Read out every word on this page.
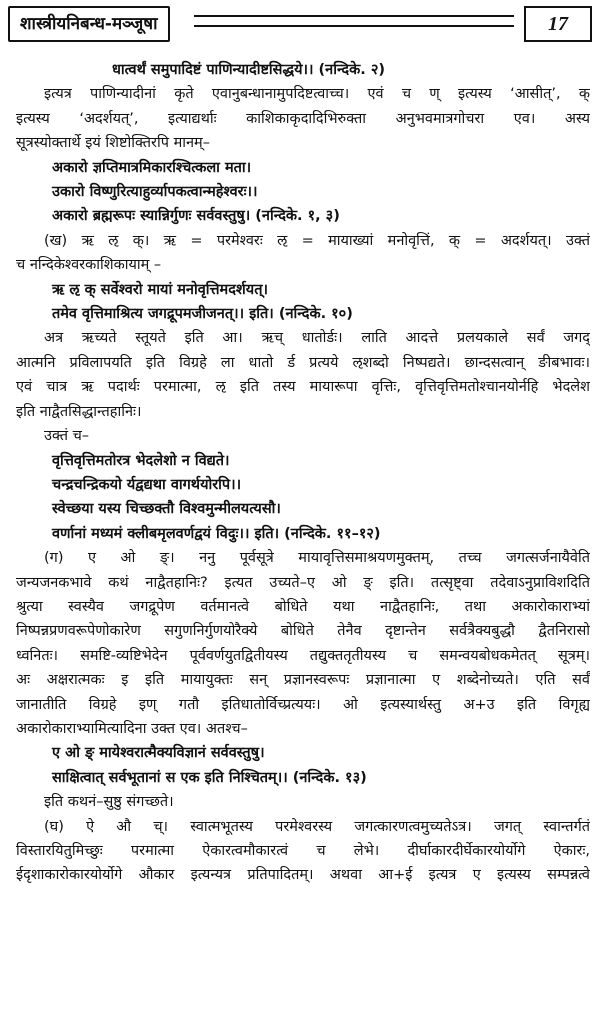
शास्त्रीयनिबन्ध-मञ्जूषा	17
धात्वर्थं समुपादिष्टं पाणिन्यादीष्टसिद्धये।। (नन्दिके. २)
इत्यत्र पाणिन्यादीनां कृते एवानुबन्धानामुपदिष्टत्वाच्च। एवं च ण् इत्यस्य ‘आसीत्’, क्
इत्यस्य ‘अदर्शयत्’, इत्याद्यर्थाः काशिकाकृदादिभिरुक्ता अनुभवमात्रगोचरा एव। अस्य
सूत्रस्योक्तार्थे इयं शिष्टोक्तिरपि मानम्–
अकारो ज्ञप्तिमात्रमिकारश्चित्कला मता।
उकारो विष्णुरित्याहुर्व्यापकत्वान्महेश्वरः।।
अकारो ब्रह्मरूपः स्यान्निर्गुणः सर्ववस्तुषु। (नन्दिके. १, ३)
(ख) ऋ ऌ क्। ऋ = परमेश्वरः ऌ = मायाख्यां मनोवृत्तिं, क् = अदर्शयत्। उक्तं
च नन्दिकेश्वरकाशिकायाम् –
ऋ ऌ क् सर्वेश्वरो मायां मनोवृत्तिमदर्शयत्।
तमेव वृत्तिमाश्रित्य जगद्रूपमजीजनत्।। इति। (नन्दिके. १०)
अत्र ऋच्यते स्तूयते इति आ। ऋच् धातोर्डः। लाति आदत्ते प्रलयकाले सर्वं जगद्
आत्मनि प्रविलापयति इति विग्रहे ला धातो र्ड प्रत्यये ऌशब्दो निष्पद्यते। छान्दसत्वान् ङीबभावः।
एवं चात्र ऋ पदार्थः परमात्मा, ऌ इति तस्य मायारूपा वृत्तिः, वृत्तिवृत्तिमतोश्चानयोर्नहि भेदलेश
इति नाद्वैतसिद्धान्तहानिः।
उक्तं च–
वृत्तिवृत्तिमतोरत्र भेदलेशो न विद्यते।
चन्द्रचन्द्रिकयो र्यद्वद्यथा वागर्थयोरपि।।
स्वेच्छया यस्य चिच्छक्तौ विश्वमुन्मीलयत्यसौ।
वर्णानां मध्यमं क्लीबमृलवर्णद्वयं विदुः।। इति। (नन्दिके. ११–१२)
(ग) ए ओ ङ्। ननु पूर्वसूत्रे मायावृत्तिसमाश्रयणमुक्तम्, तच्च जगत्सर्जनायैवेति
जन्यजनकभावे कथं नाद्वैतहानिः? इत्यत उच्यते–ए ओ ङ् इति। तत्सृष्ट्वा तदेवाऽनुप्राविशदिति
श्रुत्या स्वस्यैव जगद्रूपेण वर्तमानत्वे बोधिते यथा नाद्वैतहानिः, तथा अकारोकाराभ्यां
निष्पन्नप्रणवरूपेणोकारेण सगुणनिर्गुणयोरैक्ये बोधिते तेनैव दृष्टान्तेन सर्वत्रैक्यबुद्धौ द्वैतनिरासो
ध्वनितः। समष्टि-व्यष्टिभेदेन पूर्ववर्णयुतद्वितीयस्य तद्युक्ततृतीयस्य च समन्वयबोधकमेतत् सूत्रम्।
अः अक्षरात्मकः इ इति मायायुक्तः सन् प्रज्ञानस्वरूपः प्रज्ञानात्मा ए शब्देनोच्यते। एति सर्वं
जानातीति विग्रहे इण् गतौ इतिधातोर्विच्प्रत्ययः। ओ इत्यस्यार्थस्तु अ+उ इति विगृह्य
अकारोकाराभ्यामित्यादिना उक्त एव। अतश्च–
ए ओ ङ् मायेश्वरात्मैक्यविज्ञानं सर्ववस्तुषु।
साक्षित्वात् सर्वभूतानां स एक इति निश्चितम्।। (नन्दिके. १३)
इति कथनं–सुष्ठु संगच्छते।
(घ) ऐ औ च्। स्वात्मभूतस्य परमेश्वरस्य जगत्कारणत्वमुच्यतेऽत्र। जगत् स्वान्तर्गतं
विस्तारयितुमिच्छुः परमात्मा ऐकारत्वमौकारत्वं च लेभे। दीर्घाकारदीर्घेकारयोर्योगे ऐकारः,
ईदृशाकारोकारयोर्योगे औकार इत्यन्यत्र प्रतिपादितम्। अथवा आ+ई इत्यत्र ए इत्यस्य सम्पन्नत्वे
